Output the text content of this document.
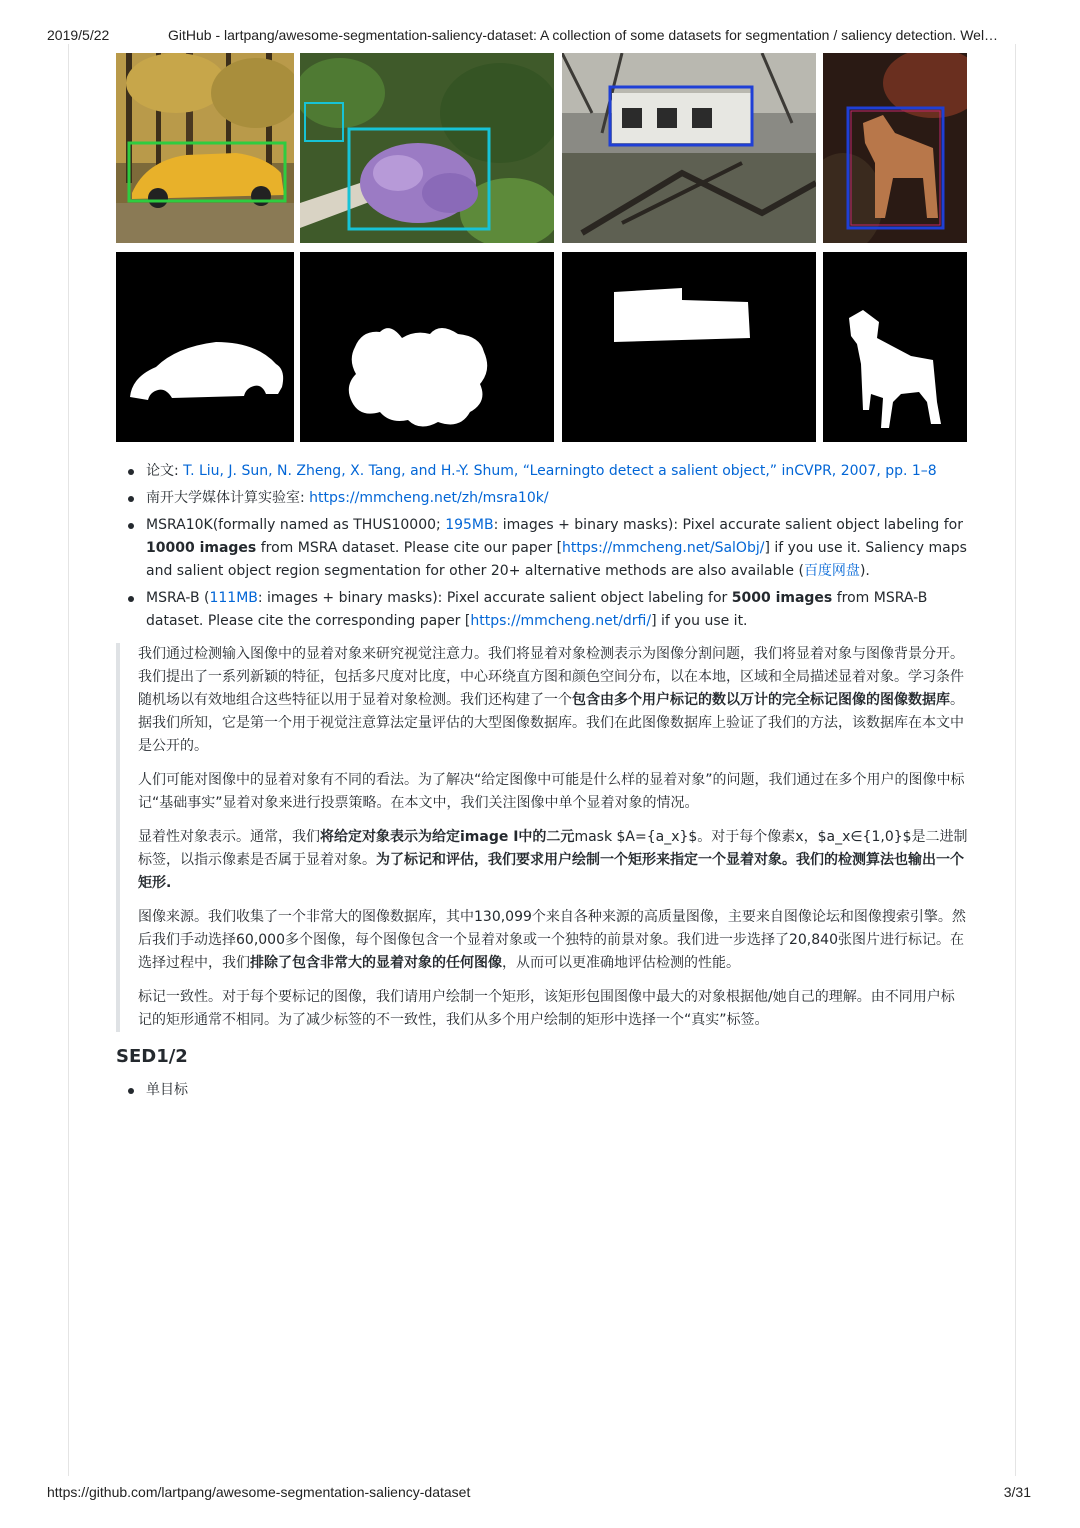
2019/5/22	GitHub - lartpang/awesome-segmentation-saliency-dataset: A collection of some datasets for segmentation / saliency detection. Wel…
论文: T. Liu, J. Sun, N. Zheng, X. Tang, and H.-Y. Shum, “Learningto detect a salient object,” inCVPR, 2007, pp. 1–8
南开大学媒体计算实验室: https://mmcheng.net/zh/msra10k/
MSRA10K(formally named as THUS10000; 195MB: images + binary masks): Pixel accurate salient object labeling for 10000 images from MSRA dataset. Please cite our paper [https://mmcheng.net/SalObj/] if you use it. Saliency maps and salient object region segmentation for other 20+ alternative methods are also available (百度网盘).
MSRA-B (111MB: images + binary masks): Pixel accurate salient object labeling for 5000 images from MSRA-B dataset. Please cite the corresponding paper [https://mmcheng.net/drfi/] if you use it.

我们通过检测输入图像中的显着对象来研究视觉注意力。我们将显着对象检测表示为图像分割问题，我们将显着对象与图像背景分开。我们提出了一系列新颖的特征，包括多尺度对比度，中心环绕直方图和颜色空间分布，以在本地，区域和全局描述显着对象。学习条件随机场以有效地组合这些特征以用于显着对象检测。我们还构建了一个包含由多个用户标记的数以万计的完全标记图像的图像数据库。据我们所知，它是第一个用于视觉注意算法定量评估的大型图像数据库。我们在此图像数据库上验证了我们的方法，该数据库在本文中是公开的。

人们可能对图像中的显着对象有不同的看法。为了解决“给定图像中可能是什么样的显着对象”的问题，我们通过在多个用户的图像中标记“基础事实”显着对象来进行投票策略。在本文中，我们关注图像中单个显着对象的情况。

显着性对象表示。通常，我们将给定对象表示为给定image I中的二元mask $A={a_x}$。对于每个像素x，$a_x∈{1,0}$是二进制标签，以指示像素是否属于显着对象。为了标记和评估，我们要求用户绘制一个矩形来指定一个显着对象。我们的检测算法也输出一个矩形.

图像来源。我们收集了一个非常大的图像数据库，其中130,099个来自各种来源的高质量图像，主要来自图像论坛和图像搜索引擎。然后我们手动选择60,000多个图像，每个图像包含一个显着对象或一个独特的前景对象。我们进一步选择了20,840张图片进行标记。在选择过程中，我们排除了包含非常大的显着对象的任何图像，从而可以更准确地评估检测的性能。

标记一致性。对于每个要标记的图像，我们请用户绘制一个矩形，该矩形包围图像中最大的对象根据他/她自己的理解。由不同用户标记的矩形通常不相同。为了减少标签的不一致性，我们从多个用户绘制的矩形中选择一个“真实”标签。

SED1/2
单目标
https://github.com/lartpang/awesome-segmentation-saliency-dataset	3/31
